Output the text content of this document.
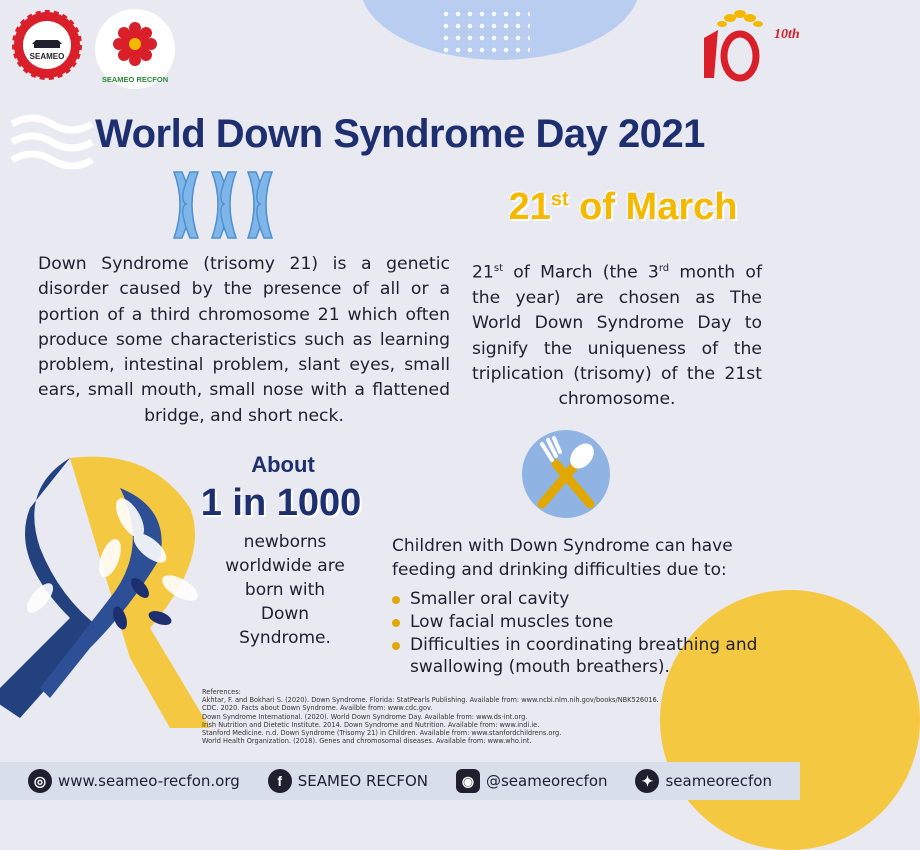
SEAMEO
SEAMEO RECFON
10th
World Down Syndrome Day 2021
21st of March

Down Syndrome (trisomy 21) is a genetic disorder caused by the presence of all or a portion of a third chromosome 21 which often produce some characteristics such as learning problem, intestinal problem, slant eyes, small ears, small mouth, small nose with a flattened bridge, and short neck.

21st of March (the 3rd month of the year) are chosen as The World Down Syndrome Day to signify the uniqueness of the triplication (trisomy) of the 21st chromosome.

About
1 in 1000
newborns worldwide are born with Down Syndrome.

Children with Down Syndrome can have feeding and drinking difficulties due to:

Smaller oral cavity
Low facial muscles tone
Difficulties in coordinating breathing and swallowing (mouth breathers).
References:
Akhtar, F. and Bokhari S. (2020). Down Syndrome. Florida: StatPearls Publishing. Available from: www.ncbi.nlm.nih.gov/books/NBK526016.
CDC. 2020. Facts about Down Syndrome. Availble from: www.cdc.gov.
Down Syndrome International. (2020). World Down Syndrome Day. Available from: www.ds-int.org.
Irish Nutrition and Dietetic Institute. 2014. Down Syndrome and Nutrition. Available from: www.indi.ie.
Stanford Medicine. n.d. Down Syndrome (Trisomy 21) in Children. Available from: www.stanfordchildrens.org.
World Health Organization. (2018). Genes and chromosomal diseases. Available from: www.who.int.
◎ www.seameo-recfon.org	f	SEAMEO RECFON	◉ @seameorecfon	✦ seameorecfon
